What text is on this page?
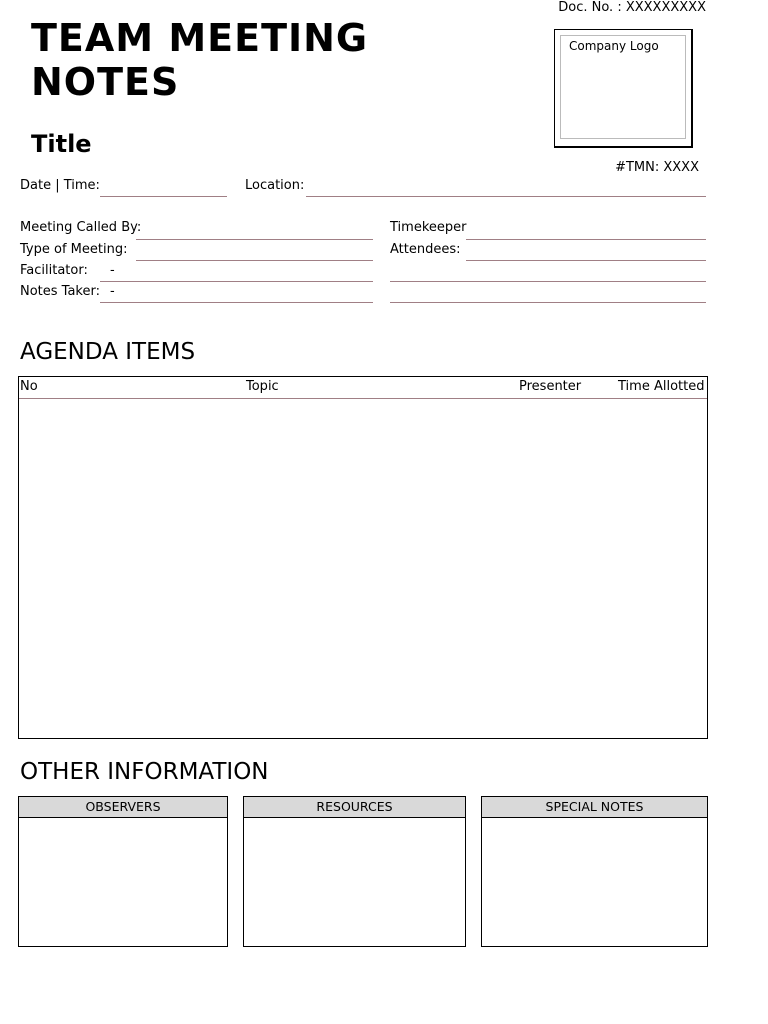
Doc. No. : XXXXXXXXX
TEAM MEETING
NOTES
Title
Company Logo
#TMN: XXXX
Date | Time:	Location:
Meeting Called By:
Type of Meeting:
Facilitator: -
Notes Taker: -
Timekeeper
Attendees:
AGENDA ITEMS
No	Topic	Presenter	Time Allotted
OTHER INFORMATION
OBSERVERS	RESOURCES	SPECIAL NOTES
